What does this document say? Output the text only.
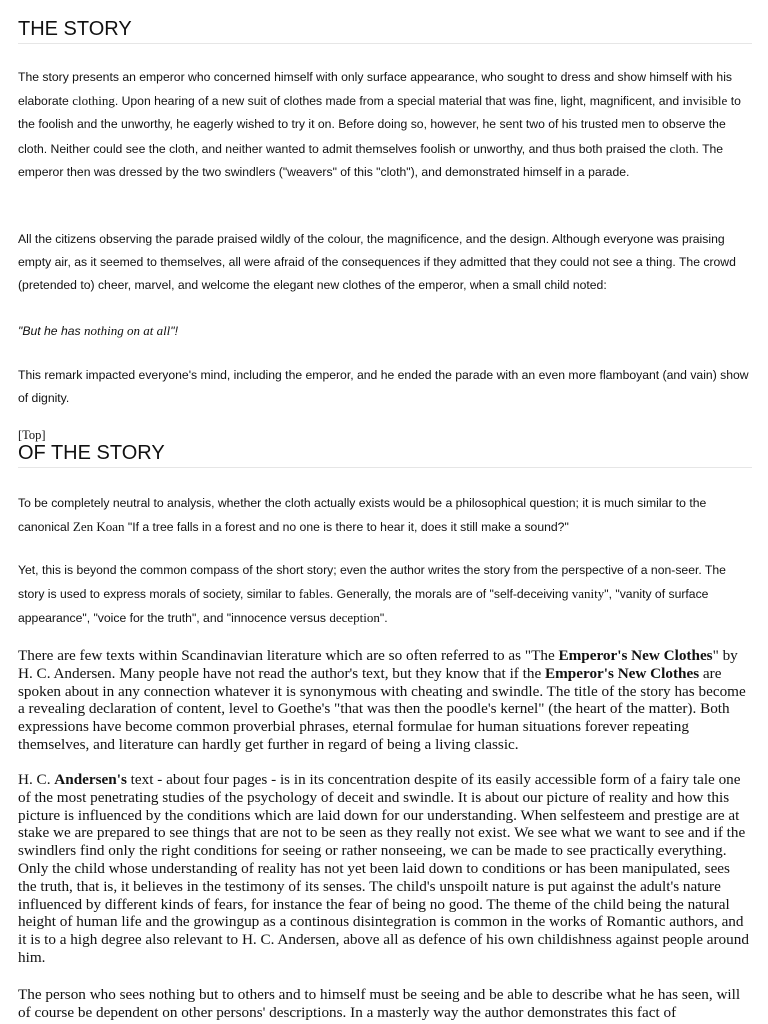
THE STORY

The story presents an emperor who concerned himself with only surface appearance, who sought to dress and show himself with his elaborate clothing. Upon hearing of a new suit of clothes made from a special material that was fine, light, magnificent, and invisible to the foolish and the unworthy, he eagerly wished to try it on. Before doing so, however, he sent two of his trusted men to observe the cloth. Neither could see the cloth, and neither wanted to admit themselves foolish or unworthy, and thus both praised the cloth. The emperor then was dressed by the two swindlers ("weavers" of this "cloth"), and demonstrated himself in a parade.

All the citizens observing the parade praised wildly of the colour, the magnificence, and the design. Although everyone was praising empty air, as it seemed to themselves, all were afraid of the consequences if they admitted that they could not see a thing. The crowd (pretended to) cheer, marvel, and welcome the elegant new clothes of the emperor, when a small child noted:

"But he has nothing on at all"!

This remark impacted everyone's mind, including the emperor, and he ended the parade with an even more flamboyant (and vain) show of dignity.

[Top]

OF THE STORY

To be completely neutral to analysis, whether the cloth actually exists would be a philosophical question; it is much similar to the canonical Zen Koan "If a tree falls in a forest and no one is there to hear it, does it still make a sound?"

Yet, this is beyond the common compass of the short story; even the author writes the story from the perspective of a non-seer. The story is used to express morals of society, similar to fables. Generally, the morals are of "self-deceiving vanity", "vanity of surface appearance", "voice for the truth", and "innocence versus deception".

There are few texts within Scandinavian literature which are so often referred to as "The Emperor's New Clothes" by H. C. Andersen. Many people have not read the author's text, but they know that if the Emperor's New Clothes are spoken about in any connection whatever it is synonymous with cheating and swindle. The title of the story has become a revealing declaration of content, level to Goethe's "that was then the poodle's kernel" (the heart of the matter). Both expressions have become common proverbial phrases, eternal formulae for human situations forever repeating themselves, and literature can hardly get further in regard of being a living classic.

H. C. Andersen's text - about four pages - is in its concentration despite of its easily accessible form of a fairy tale one of the most penetrating studies of the psychology of deceit and swindle. It is about our picture of reality and how this picture is influenced by the conditions which are laid down for our understanding. When selfesteem and prestige are at stake we are prepared to see things that are not to be seen as they really not exist. We see what we want to see and if the swindlers find only the right conditions for seeing or rather nonseeing, we can be made to see practically everything. Only the child whose understanding of reality has not yet been laid down to conditions or has been manipulated, sees the truth, that is, it believes in the testimony of its senses. The child's unspoilt nature is put against the adult's nature influenced by different kinds of fears, for instance the fear of being no good. The theme of the child being the natural height of human life and the growingup as a continous disintegration is common in the works of Romantic authors, and it is to a high degree also relevant to H. C. Andersen, above all as defence of his own childishness against people around him.

The person who sees nothing but to others and to himself must be seeing and be able to describe what he has seen, will of course be dependent on other persons' descriptions. In a masterly way the author demonstrates this fact of
